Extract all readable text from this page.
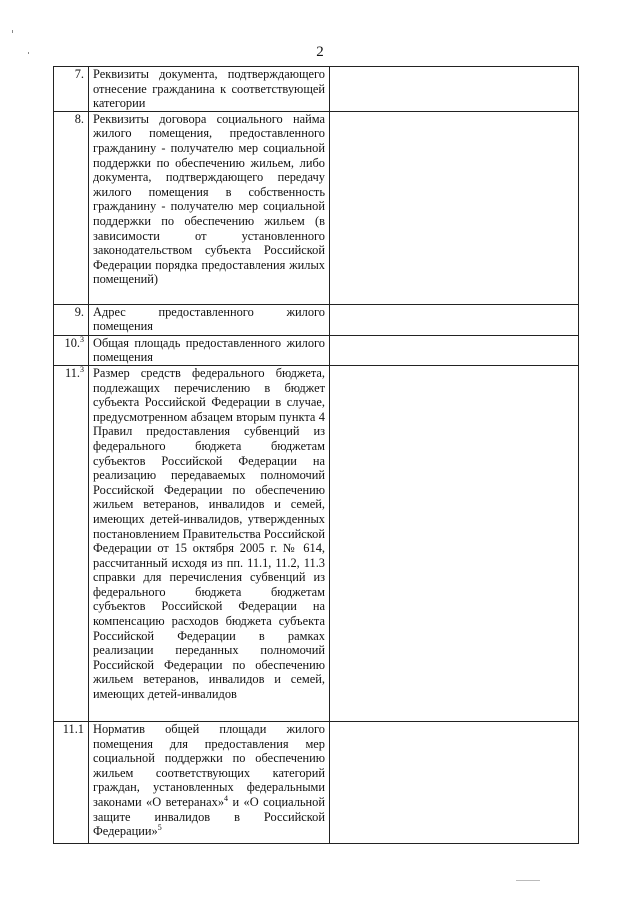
2
7.	Реквизиты документа, подтверждающего отнесение гражданина к соответствующей категории	
8.	Реквизиты договора социального найма жилого помещения, предоставленного гражданину - получателю мер социальной поддержки по обеспечению жильем, либо документа, подтверждающего передачу жилого помещения в собственность гражданину - получателю мер социальной поддержки по обеспечению жильем (в зависимости от установленного законодательством субъекта Российской Федерации порядка предоставления жилых помещений)	
9.	Адрес предоставленного жилого помещения	
10.$^3$	Общая площадь предоставленного жилого помещения	
11.$^3$	Размер средств федерального бюджета, подлежащих перечислению в бюджет субъекта Российской Федерации в случае, предусмотренном абзацем вторым пункта 4 Правил предоставления субвенций из федерального бюджета бюджетам субъектов Российской Федерации на реализацию передаваемых полномочий Российской Федерации по обеспечению жильем ветеранов, инвалидов и семей, имеющих детей-инвалидов, утвержденных постановлением Правительства Российской Федерации от 15 октября 2005 г. № 614, рассчитанный исходя из пп. 11.1, 11.2, 11.3 справки для перечисления субвенций из федерального бюджета бюджетам субъектов Российской Федерации на компенсацию расходов бюджета субъекта Российской Федерации в рамках реализации переданных полномочий Российской Федерации по обеспечению жильем ветеранов, инвалидов и семей, имеющих детей-инвалидов	
11.1	Норматив общей площади жилого помещения для предоставления мер социальной поддержки по обеспечению жильем соответствующих категорий граждан, установленных федеральными законами «О ветеранах»$^4$ и «О социальной защите инвалидов в Российской Федерации»$^5$	
